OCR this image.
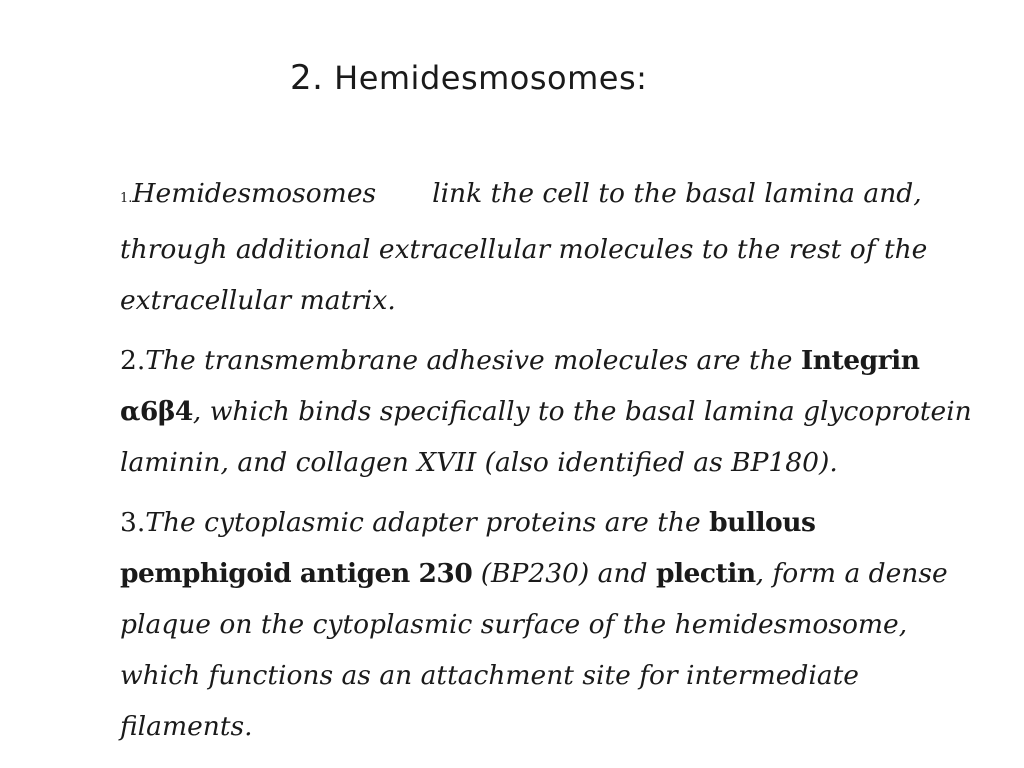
2. Hemidesmosomes:

1.Hemidesmosomes link the cell to the basal lamina and, through additional extracellular molecules to the rest of the extracellular matrix.

2.The transmembrane adhesive molecules are the Integrin α6β4, which binds specifically to the basal lamina glycoprotein laminin, and collagen XVII (also identified as BP180).

3.The cytoplasmic adapter proteins are the bullous pemphigoid antigen 230 (BP230) and plectin, form a dense plaque on the cytoplasmic surface of the hemidesmosome, which functions as an attachment site for intermediate filaments.
